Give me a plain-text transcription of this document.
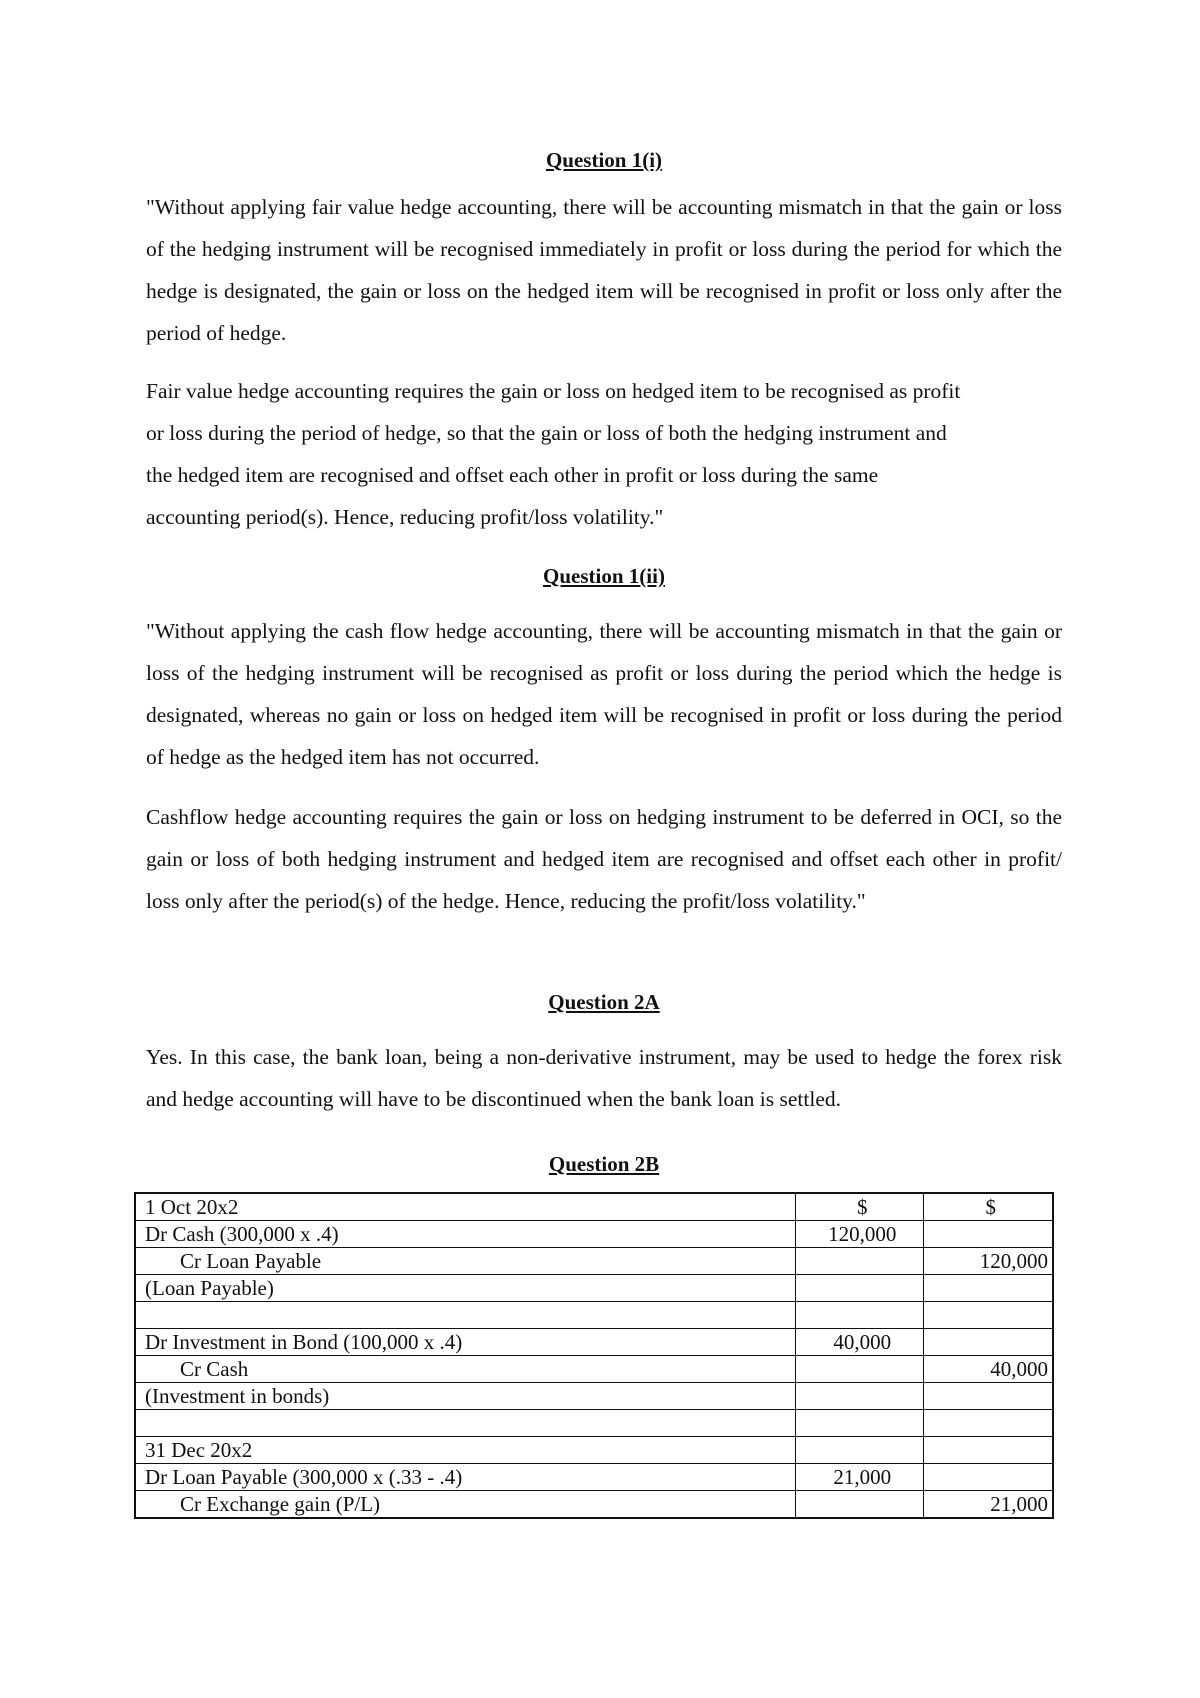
Question 1(i)

"Without applying fair value hedge accounting, there will be accounting mismatch in that the gain or loss of the hedging instrument will be recognised immediately in profit or loss during the period for which the hedge is designated, the gain or loss on the hedged item will be recognised in profit or loss only after the period of hedge.

Fair value hedge accounting requires the gain or loss on hedged item to be recognised as profit or loss during the period of hedge, so that the gain or loss of both the hedging instrument and the hedged item are recognised and offset each other in profit or loss during the same accounting period(s). Hence, reducing profit/loss volatility."

Question 1(ii)

"Without applying the cash flow hedge accounting, there will be accounting mismatch in that the gain or loss of the hedging instrument will be recognised as profit or loss during the period which the hedge is designated, whereas no gain or loss on hedged item will be recognised in profit or loss during the period of hedge as the hedged item has not occurred.

Cashflow hedge accounting requires the gain or loss on hedging instrument to be deferred in OCI, so the gain or loss of both hedging instrument and hedged item are recognised and offset each other in profit/ loss only after the period(s) of the hedge. Hence, reducing the profit/loss volatility."

Question 2A

Yes. In this case, the bank loan, being a non-derivative instrument, may be used to hedge the forex risk and hedge accounting will have to be discontinued when the bank loan is settled.

Question 2B
1 Oct 20x2	$	$
Dr Cash (300,000 x .4)	120,000	
Cr Loan Payable		120,000
(Loan Payable)		

Dr Investment in Bond (100,000 x .4)	40,000	
Cr Cash		40,000
(Investment in bonds)		

31 Dec 20x2		
Dr Loan Payable (300,000 x (.33 - .4)	21,000	
Cr Exchange gain (P/L)		21,000
